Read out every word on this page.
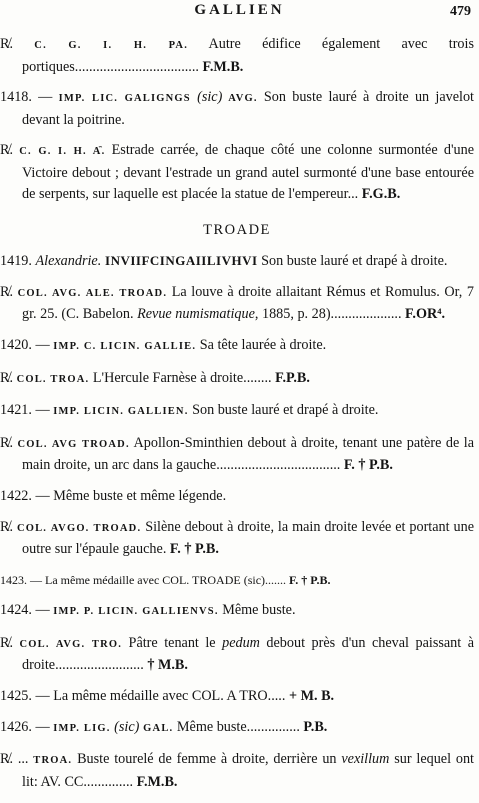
GALLIEN	479

R̸. C. G. I. H. PA. Autre édifice également avec trois portiques................................... F.M.B.

1418. — IMP. LIC. GALIGNGS (sic) AVG. Son buste lauré à droite un javelot devant la poitrine.

R̸. C. G. I. H. A᷈. Estrade carrée, de chaque côté une colonne surmontée d'une Victoire debout ; devant l'estrade un grand autel surmonté d'une base entourée de serpents, sur laquelle est placée la statue de l'empereur... F.G.B.

TROADE

1419. Alexandrie. INVIIFCINGAIILIVHVI Son buste lauré et drapé à droite.

R̸. COL. AVG. ALE. TROAD. La louve à droite allaitant Rémus et Romulus. Or, 7 gr. 25. (C. Babelon. Revue numismatique, 1885, p. 28).................... F.OR⁴.

1420. — IMP. C. LICIN. GALLIE. Sa tête laurée à droite.

R̸. COL. TROA. L'Hercule Farnèse à droite........ F.P.B.

1421. — IMP. LICIN. GALLIEN. Son buste lauré et drapé à droite.

R̸. COL. AVG TROAD. Apollon-Sminthien debout à droite, tenant une patère de la main droite, un arc dans la gauche................................... F. † P.B.

1422. — Même buste et même légende.

R̸. COL. AVGO. TROAD. Silène debout à droite, la main droite levée et portant une outre sur l'épaule gauche. F. † P.B.

1423. — La même médaille avec COL. TROADE (sic)....... F. † P.B.

1424. — IMP. P. LICIN. GALLIENVS. Même buste.

R̸. COL. AVG. TRO. Pâtre tenant le pedum debout près d'un cheval paissant à droite......................... † M.B.

1425. — La même médaille avec COL. A TRO..... + M. B.

1426. — IMP. LIG. (sic) GAL. Même buste............... P.B.

R̸. ... TROA. Buste tourelé de femme à droite, derrière un vexillum sur lequel ont lit: AV. CC.............. F.M.B.
